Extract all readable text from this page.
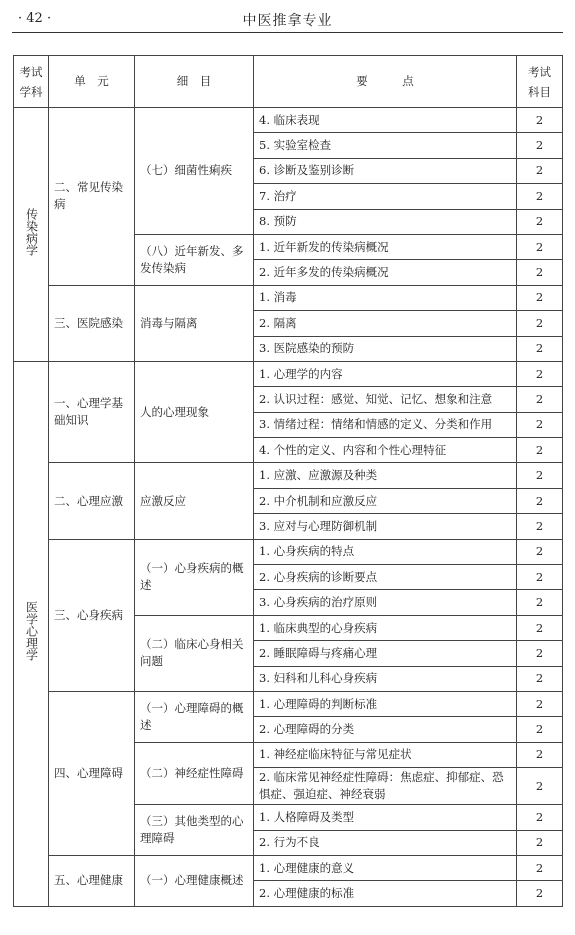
· 42 ·	中医推拿专业
考试学科	单　元	细　目	要　　　点	考试科目
传染病学	二、常见传染病	（七）细菌性痢疾	4. 临床表现	2
			5. 实验室检查	2
			6. 诊断及鉴别诊断	2
			7. 治疗	2
			8. 预防	2
		（八）近年新发、多发传染病	1. 近年新发的传染病概况	2
			2. 近年多发的传染病概况	2
	三、医院感染	消毒与隔离	1. 消毒	2
			2. 隔离	2
			3. 医院感染的预防	2
医学心理学	一、心理学基础知识	人的心理现象	1. 心理学的内容	2
			2. 认识过程：感觉、知觉、记忆、想象和注意	2
			3. 情绪过程：情绪和情感的定义、分类和作用	2
			4. 个性的定义、内容和个性心理特征	2
	二、心理应激	应激反应	1. 应激、应激源及种类	2
			2. 中介机制和应激反应	2
			3. 应对与心理防御机制	2
	三、心身疾病	（一）心身疾病的概述	1. 心身疾病的特点	2
			2. 心身疾病的诊断要点	2
			3. 心身疾病的治疗原则	2
		（二）临床心身相关问题	1. 临床典型的心身疾病	2
			2. 睡眠障碍与疼痛心理	2
			3. 妇科和儿科心身疾病	2
	四、心理障碍	（一）心理障碍的概述	1. 心理障碍的判断标准	2
			2. 心理障碍的分类	2
		（二）神经症性障碍	1. 神经症临床特征与常见症状	2
			2. 临床常见神经症性障碍：焦虑症、抑郁症、恐惧症、强迫症、神经衰弱	2
		（三）其他类型的心理障碍	1. 人格障碍及类型	2
			2. 行为不良	2
	五、心理健康	（一）心理健康概述	1. 心理健康的意义	2
			2. 心理健康的标准	2
